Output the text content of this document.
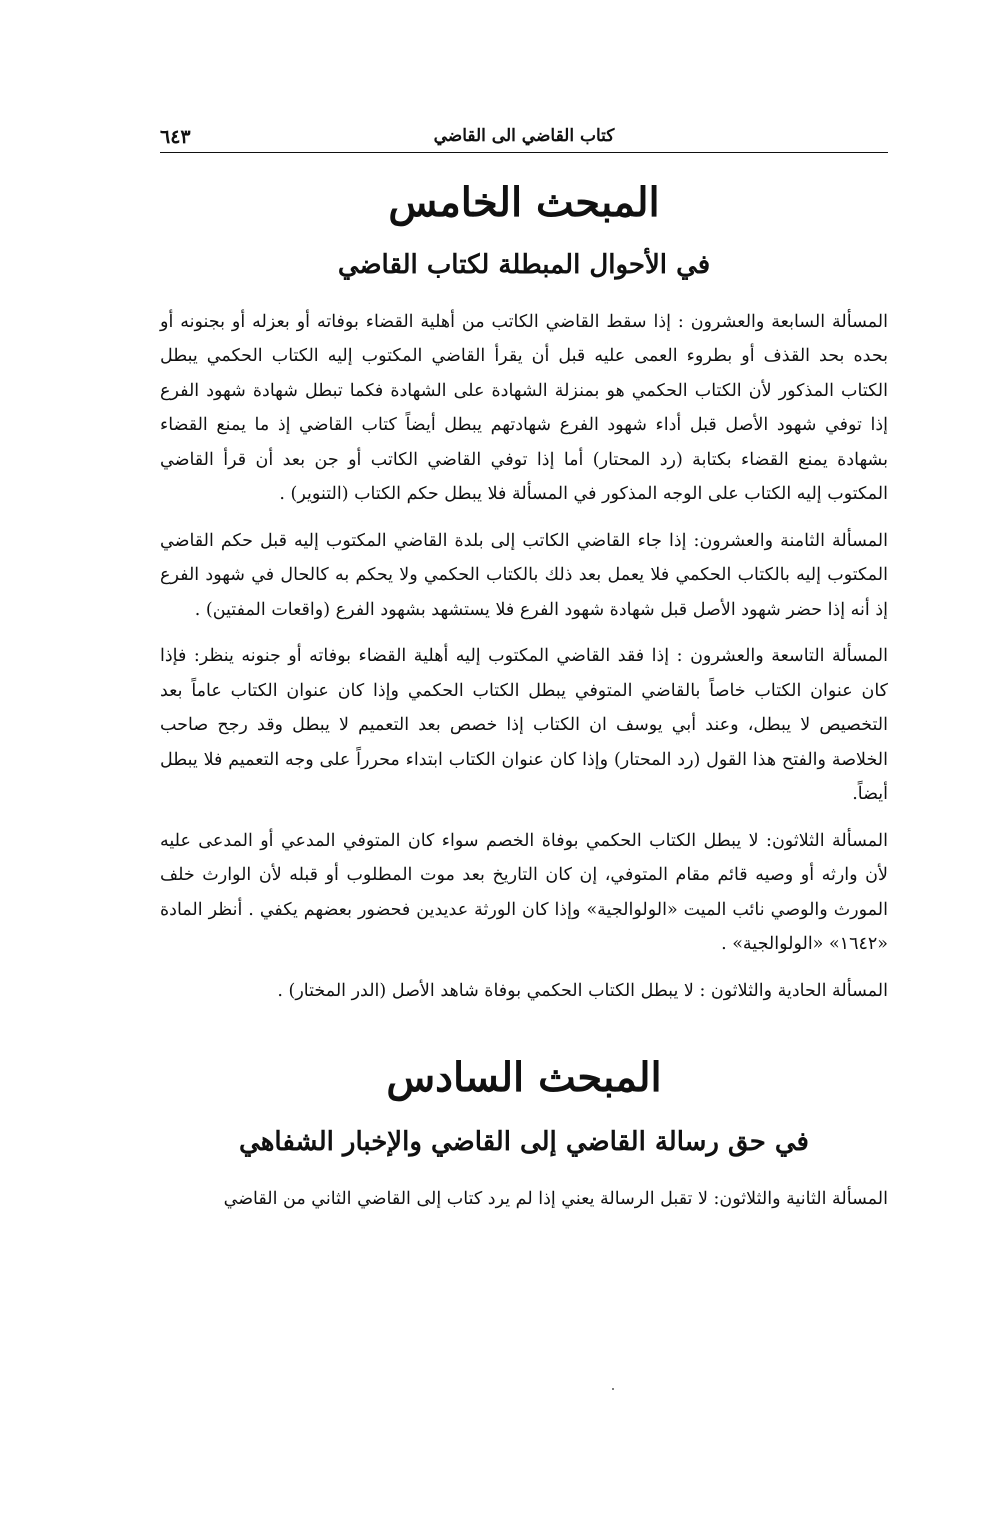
كتاب القاضي الى القاضي
٦٤٣
المبحث الخامس
في الأحوال المبطلة لكتاب القاضي

المسألة السابعة والعشرون : إذا سقط القاضي الكاتب من أهلية القضاء بوفاته أو بعزله أو بجنونه أو بحده بحد القذف أو بطروء العمى عليه قبل أن يقرأ القاضي المكتوب إليه الكتاب الحكمي يبطل الكتاب المذكور لأن الكتاب الحكمي هو بمنزلة الشهادة على الشهادة فكما تبطل شهادة شهود الفرع إذا توفي شهود الأصل قبل أداء شهود الفرع شهادتهم يبطل أيضاً كتاب القاضي إذ ما يمنع القضاء بشهادة يمنع القضاء بكتابة (رد المحتار) أما إذا توفي القاضي الكاتب أو جن بعد أن قرأ القاضي المكتوب إليه الكتاب على الوجه المذكور في المسألة فلا يبطل حكم الكتاب (التنوير) .

المسألة الثامنة والعشرون: إذا جاء القاضي الكاتب إلى بلدة القاضي المكتوب إليه قبل حكم القاضي المكتوب إليه بالكتاب الحكمي فلا يعمل بعد ذلك بالكتاب الحكمي ولا يحكم به كالحال في شهود الفرع إذ أنه إذا حضر شهود الأصل قبل شهادة شهود الفرع فلا يستشهد بشهود الفرع (واقعات المفتين) .

المسألة التاسعة والعشرون : إذا فقد القاضي المكتوب إليه أهلية القضاء بوفاته أو جنونه ينظر: فإذا كان عنوان الكتاب خاصاً بالقاضي المتوفي يبطل الكتاب الحكمي وإذا كان عنوان الكتاب عاماً بعد التخصيص لا يبطل، وعند أبي يوسف ان الكتاب إذا خصص بعد التعميم لا يبطل وقد رجح صاحب الخلاصة والفتح هذا القول (رد المحتار) وإذا كان عنوان الكتاب ابتداء محرراً على وجه التعميم فلا يبطل أيضاً.

المسألة الثلاثون: لا يبطل الكتاب الحكمي بوفاة الخصم سواء كان المتوفي المدعي أو المدعى عليه لأن وارثه أو وصيه قائم مقام المتوفي، إن كان التاريخ بعد موت المطلوب أو قبله لأن الوارث خلف المورث والوصي نائب الميت «الولوالجية» وإذا كان الورثة عديدين فحضور بعضهم يكفي . أنظر المادة «١٦٤٢» «الولوالجية» .

المسألة الحادية والثلاثون : لا يبطل الكتاب الحكمي بوفاة شاهد الأصل (الدر المختار) .

المبحث السادس
في حق رسالة القاضي إلى القاضي والإخبار الشفاهي

المسألة الثانية والثلاثون: لا تقبل الرسالة يعني إذا لم يرد كتاب إلى القاضي الثاني من القاضي
